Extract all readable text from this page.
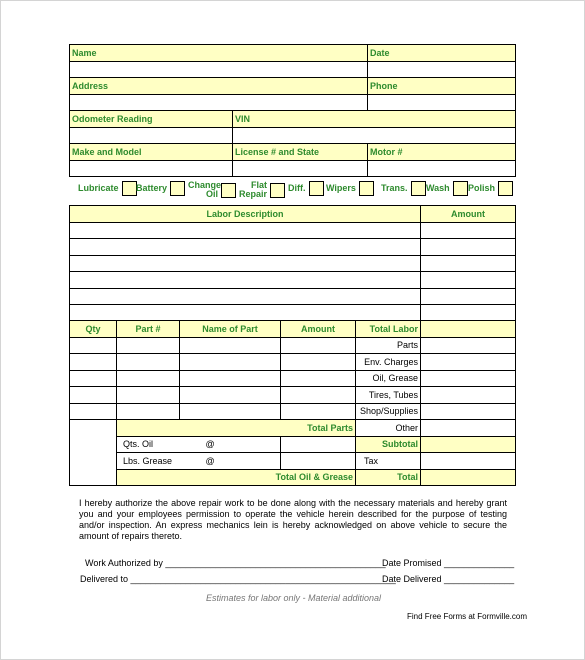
Name		Date

Address		Phone

Odometer Reading	VIN	

Make and Model	License # and State	Motor #

Lubricate Battery Change
Oil
Flat
Repair
Diff. Wipers	Trans. Wash Polish
Labor Description	Amount

Qty	Part #	Name of Part	Amount	Total Labor	
				Parts	
				Env. Charges	
				Oil, Grease	
				Tires, Tubes	
				Shop/Supplies	
	Total Parts			Other	
	Qts. Oil	@		Subtotal	
	Lbs. Grease	@		Tax	
	Total Oil & Grease			Total	
I hereby authorize the above repair work to be done along with the necessary materials and hereby grant you and your employees permission to operate the vehicle herein described for the purpose of testing and/or inspection. An express mechanics lein is hereby acknowledged on above vehicle to secure the amount of repairs thereto.
Work Authorized by ____________________________________________
Date Promised ______________
Delivered to _____________________________________________________
Date Delivered ______________
Estimates for labor only - Material additional
Find Free Forms at Formville.com
